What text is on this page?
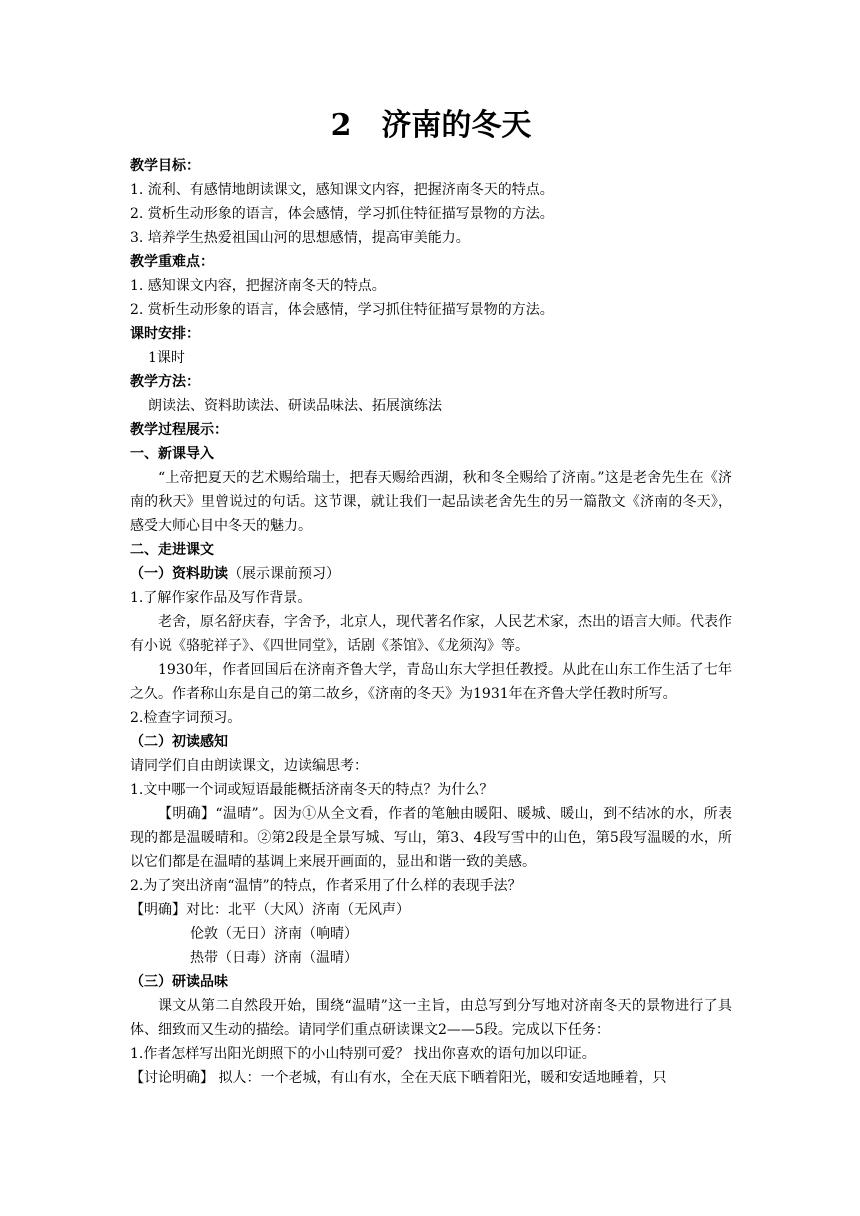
2　济南的冬天
教学目标：
1. 流利、有感情地朗读课文，感知课文内容，把握济南冬天的特点。
2. 赏析生动形象的语言，体会感情，学习抓住特征描写景物的方法。
3. 培养学生热爱祖国山河的思想感情，提高审美能力。
教学重难点：
1. 感知课文内容，把握济南冬天的特点。
2. 赏析生动形象的语言，体会感情，学习抓住特征描写景物的方法。
课时安排：
1课时
教学方法：
朗读法、资料助读法、研读品味法、拓展演练法
教学过程展示：
一、新课导入
“上帝把夏天的艺术赐给瑞士，把春天赐给西湖，秋和冬全赐给了济南。”这是老舍先生在《济南的秋天》里曾说过的句话。这节课，就让我们一起品读老舍先生的另一篇散文《济南的冬天》，感受大师心目中冬天的魅力。
二、走进课文
（一）资料助读（展示课前预习）
1.了解作家作品及写作背景。
老舍，原名舒庆春，字舍予，北京人，现代著名作家，人民艺术家，杰出的语言大师。代表作有小说《骆驼祥子》、《四世同堂》，话剧《茶馆》、《龙须沟》等。
1930年，作者回国后在济南齐鲁大学，青岛山东大学担任教授。从此在山东工作生活了七年之久。作者称山东是自己的第二故乡，《济南的冬天》为1931年在齐鲁大学任教时所写。
2.检查字词预习。
（二）初读感知
请同学们自由朗读课文，边读编思考：
1.文中哪一个词或短语最能概括济南冬天的特点？为什么？
【明确】“温晴”。因为①从全文看，作者的笔触由暖阳、暖城、暖山，到不结冰的水，所表现的都是温暖晴和。②第2段是全景写城、写山，第3、4段写雪中的山色，第5段写温暖的水，所以它们都是在温晴的基调上来展开画面的，显出和谐一致的美感。
2.为了突出济南“温情”的特点，作者采用了什么样的表现手法？
【明确】对比：北平（大风）济南（无风声）
伦敦（无日）济南（响晴）
热带（日毒）济南（温晴）
（三）研读品味
课文从第二自然段开始，围绕“温晴”这一主旨，由总写到分写地对济南冬天的景物进行了具体、细致而又生动的描绘。请同学们重点研读课文2——5段。完成以下任务：
1.作者怎样写出阳光朗照下的小山特别可爱？ 找出你喜欢的语句加以印证。
【讨论明确】 拟人：一个老城，有山有水，全在天底下晒着阳光，暖和安适地睡着，只
